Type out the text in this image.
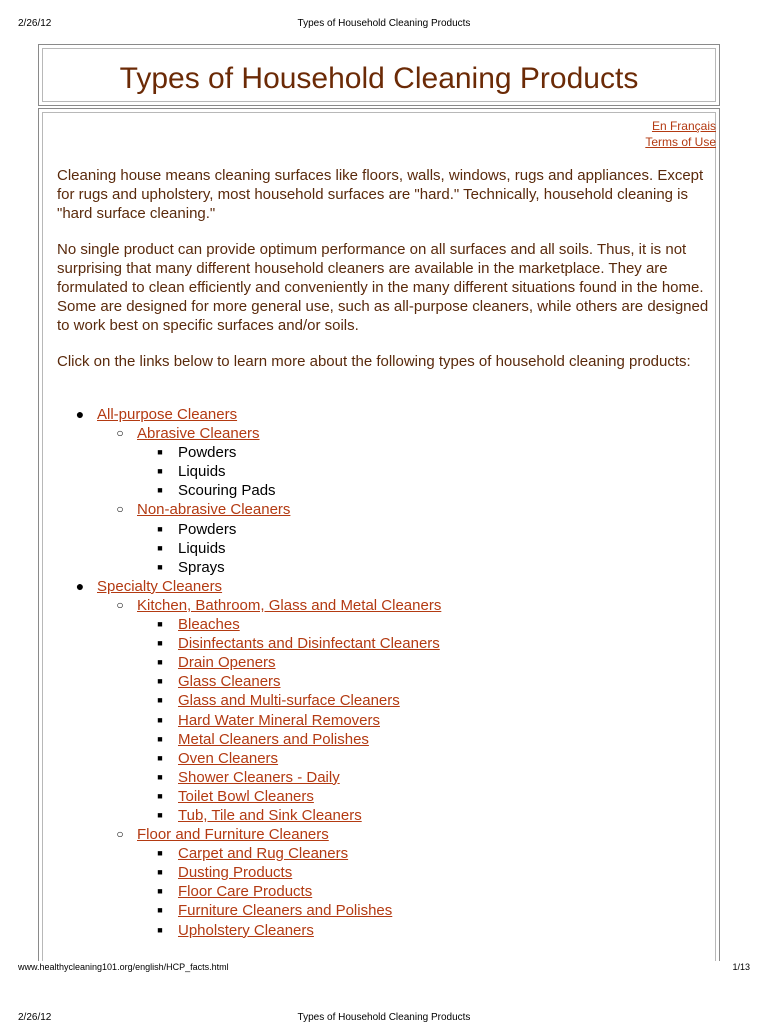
2/26/12	Types of Household Cleaning Products
Types of Household Cleaning Products
En Français
Terms of Use

Cleaning house means cleaning surfaces like floors, walls, windows, rugs and appliances. Except for rugs and upholstery, most household surfaces are "hard." Technically, household cleaning is "hard surface cleaning."

No single product can provide optimum performance on all surfaces and all soils. Thus, it is not surprising that many different household cleaners are available in the marketplace. They are formulated to clean efficiently and conveniently in the many different situations found in the home. Some are designed for more general use, such as all-purpose cleaners, while others are designed to work best on specific surfaces and/or soils.

Click on the links below to learn more about the following types of household cleaning products:

● All-purpose Cleaners
○ Abrasive Cleaners
■ Powders
■ Liquids
■ Scouring Pads
○ Non-abrasive Cleaners
■ Powders
■ Liquids
■ Sprays
● Specialty Cleaners
○ Kitchen, Bathroom, Glass and Metal Cleaners
■ Bleaches
■ Disinfectants and Disinfectant Cleaners
■ Drain Openers
■ Glass Cleaners
■ Glass and Multi-surface Cleaners
■ Hard Water Mineral Removers
■ Metal Cleaners and Polishes
■ Oven Cleaners
■ Shower Cleaners - Daily
■ Toilet Bowl Cleaners
■ Tub, Tile and Sink Cleaners
○ Floor and Furniture Cleaners
■ Carpet and Rug Cleaners
■ Dusting Products
■ Floor Care Products
■ Furniture Cleaners and Polishes
■ Upholstery Cleaners
www.healthycleaning101.org/english/HCP_facts.html	1/13
2/26/12	Types of Household Cleaning Products
